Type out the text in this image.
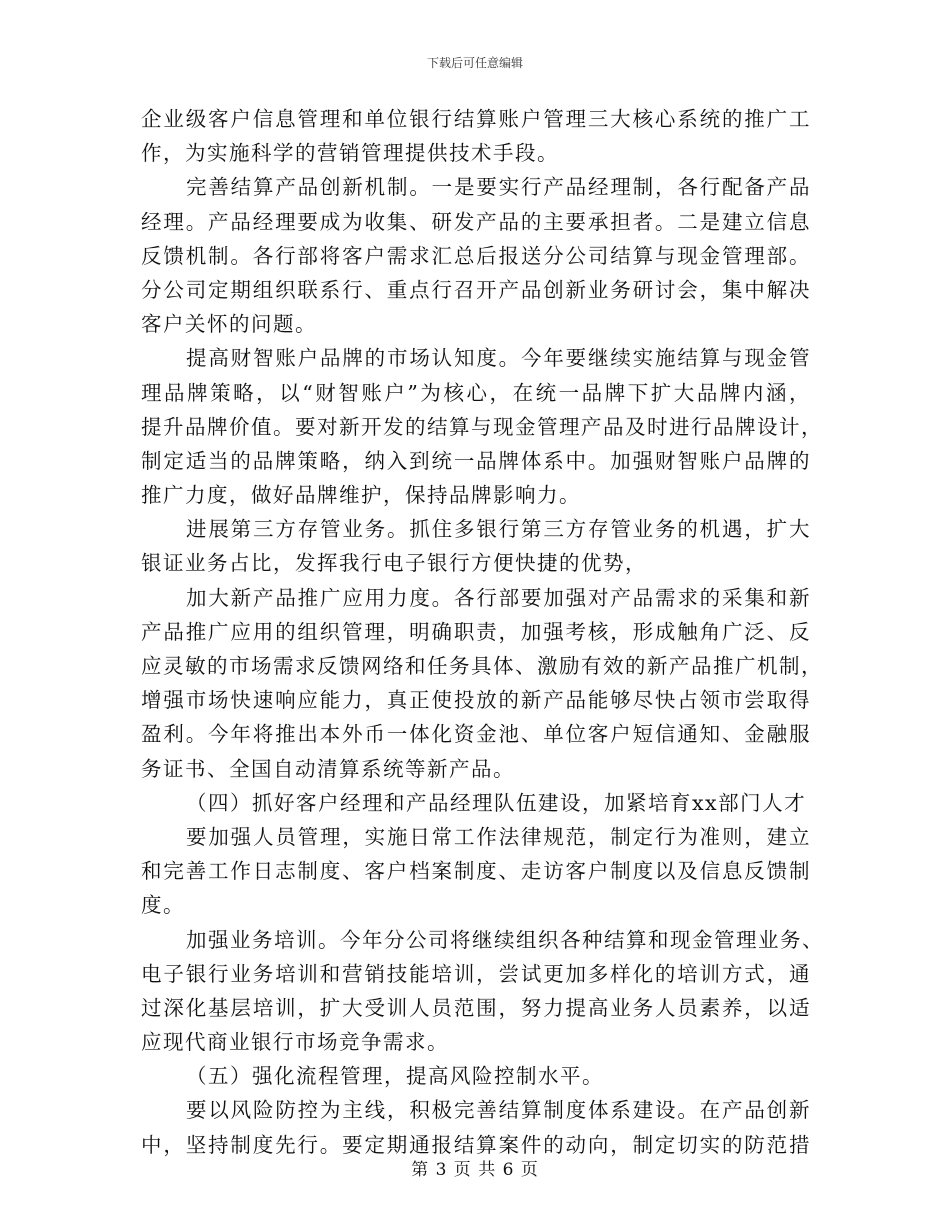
下载后可任意编辑
企业级客户信息管理和单位银行结算账户管理三大核心系统的推广工
作，为实施科学的营销管理提供技术手段。
完善结算产品创新机制。一是要实行产品经理制，各行配备产品
经理。产品经理要成为收集、研发产品的主要承担者。二是建立信息
反馈机制。各行部将客户需求汇总后报送分公司结算与现金管理部。
分公司定期组织联系行、重点行召开产品创新业务研讨会，集中解决
客户关怀的问题。
提高财智账户品牌的市场认知度。今年要继续实施结算与现金管
理品牌策略，以“财智账户”为核心，在统一品牌下扩大品牌内涵，
提升品牌价值。要对新开发的结算与现金管理产品及时进行品牌设计，
制定适当的品牌策略，纳入到统一品牌体系中。加强财智账户品牌的
推广力度，做好品牌维护，保持品牌影响力。
进展第三方存管业务。抓住多银行第三方存管业务的机遇，扩大
银证业务占比，发挥我行电子银行方便快捷的优势，
加大新产品推广应用力度。各行部要加强对产品需求的采集和新
产品推广应用的组织管理，明确职责，加强考核，形成触角广泛、反
应灵敏的市场需求反馈网络和任务具体、激励有效的新产品推广机制，
增强市场快速响应能力，真正使投放的新产品能够尽快占领市尝取得
盈利。今年将推出本外币一体化资金池、单位客户短信通知、金融服
务证书、全国自动清算系统等新产品。
（四）抓好客户经理和产品经理队伍建设，加紧培育xx部门人才
要加强人员管理，实施日常工作法律规范，制定行为准则，建立
和完善工作日志制度、客户档案制度、走访客户制度以及信息反馈制
度。
加强业务培训。今年分公司将继续组织各种结算和现金管理业务、
电子银行业务培训和营销技能培训，尝试更加多样化的培训方式，通
过深化基层培训，扩大受训人员范围，努力提高业务人员素养，以适
应现代商业银行市场竞争需求。
（五）强化流程管理，提高风险控制水平。
要以风险防控为主线，积极完善结算制度体系建设。在产品创新
中，坚持制度先行。要定期通报结算案件的动向，制定切实的防范措
第 3 页 共 6 页
